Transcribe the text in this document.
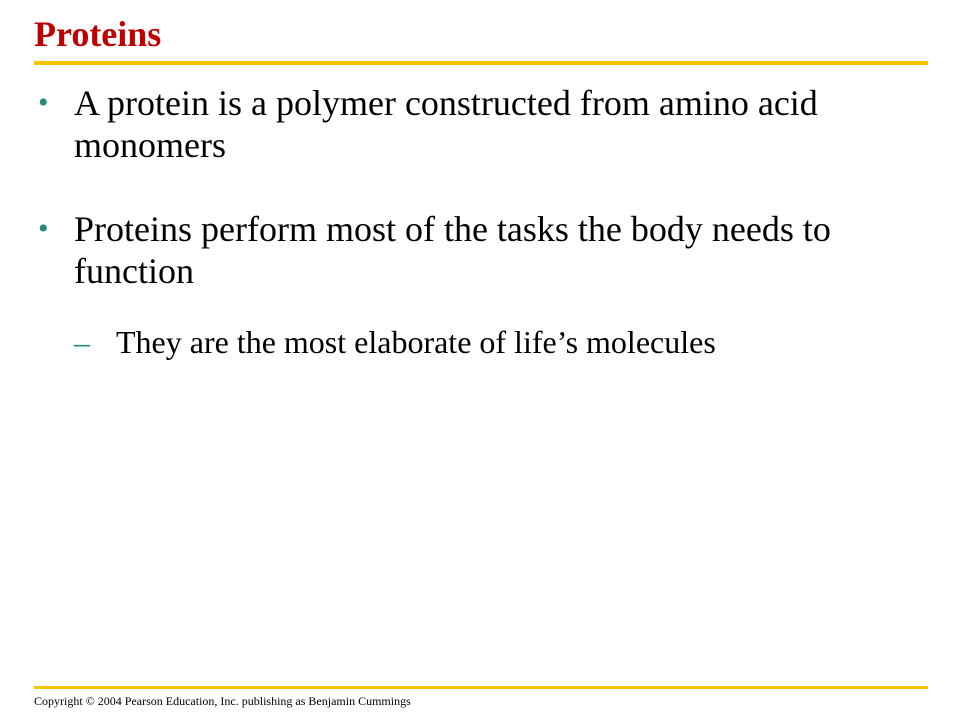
Proteins
• A protein is a polymer constructed from amino acid monomers
• Proteins perform most of the tasks the body needs to function
– They are the most elaborate of life’s molecules

Copyright © 2004 Pearson Education, Inc. publishing as Benjamin Cummings
